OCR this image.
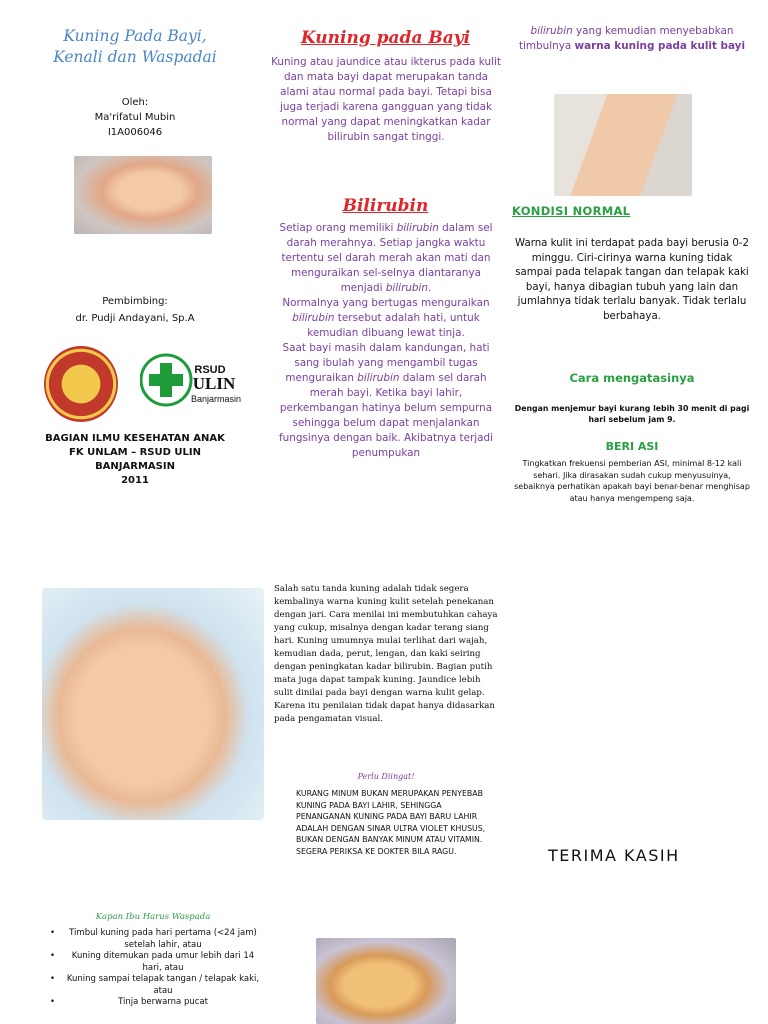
Kuning Pada Bayi,
Kenali dan Waspadai
Oleh:
Ma'rifatul Mubin
I1A006046
Pembimbing:
dr. Pudji Andayani, Sp.A
RSUD
ULIN
Banjarmasin
BAGIAN ILMU KESEHATAN ANAK
FK UNLAM – RSUD ULIN
BANJARMASIN
2011
Kuning pada Bayi
Kuning atau jaundice atau ikterus pada kulit dan mata bayi dapat merupakan tanda alami atau normal pada bayi. Tetapi bisa juga terjadi karena gangguan yang tidak normal yang dapat meningkatkan kadar bilirubin sangat tinggi.
Bilirubin
Setiap orang memiliki bilirubin dalam sel darah merahnya. Setiap jangka waktu tertentu sel darah merah akan mati dan menguraikan sel-selnya diantaranya menjadi bilirubin.
Normalnya yang bertugas menguraikan bilirubin tersebut adalah hati, untuk kemudian dibuang lewat tinja.
Saat bayi masih dalam kandungan, hati sang ibulah yang mengambil tugas menguraikan bilirubin dalam sel darah merah bayi. Ketika bayi lahir, perkembangan hatinya belum sempurna sehingga belum dapat menjalankan fungsinya dengan baik. Akibatnya terjadi penumpukan
bilirubin yang kemudian menyebabkan timbulnya warna kuning pada kulit bayi
KONDISI NORMAL
Warna kulit ini terdapat pada bayi berusia 0-2 minggu. Ciri-cirinya warna kuning tidak sampai pada telapak tangan dan telapak kaki bayi, hanya dibagian tubuh yang lain dan jumlahnya tidak terlalu banyak. Tidak terlalu berbahaya.
Cara mengatasinya
Dengan menjemur bayi kurang lebih 30 menit di pagi hari sebelum jam 9.
BERI ASI
Tingkatkan frekuensi pemberian ASI, minimal 8-12 kali sehari. Jika dirasakan sudah cukup menyusuinya, sebaiknya perhatikan apakah bayi benar-benar menghisap atau hanya mengempeng saja.
Salah satu tanda kuning adalah tidak segera kembalinya warna kuning kulit setelah penekanan dengan jari. Cara menilai ini membutuhkan cahaya yang cukup, misalnya dengan kadar terang siang hari. Kuning umumnya mulai terlihat dari wajah, kemudian dada, perut, lengan, dan kaki seiring dengan peningkatan kadar bilirubin. Bagian putih mata juga dapat tampak kuning. Jaundice lebih sulit dinilai pada bayi dengan warna kulit gelap. Karena itu penilaian tidak dapat hanya didasarkan pada pengamatan visual.
Perlu Diingat!
KURANG MINUM BUKAN MERUPAKAN PENYEBAB KUNING PADA BAYI LAHIR, SEHINGGA PENANGANAN KUNING PADA BAYI BARU LAHIR ADALAH DENGAN SINAR ULTRA VIOLET KHUSUS, BUKAN DENGAN BANYAK MINUM ATAU VITAMIN. SEGERA PERIKSA KE DOKTER BILA RAGU.	TERIMA KASIH
Kapan Ibu Harus Waspada
• Timbul kuning pada hari pertama (<24 jam) setelah lahir, atau
• Kuning ditemukan pada umur lebih dari 14 hari, atau
• Kuning sampai telapak tangan / telapak kaki, atau
• Tinja berwarna pucat
